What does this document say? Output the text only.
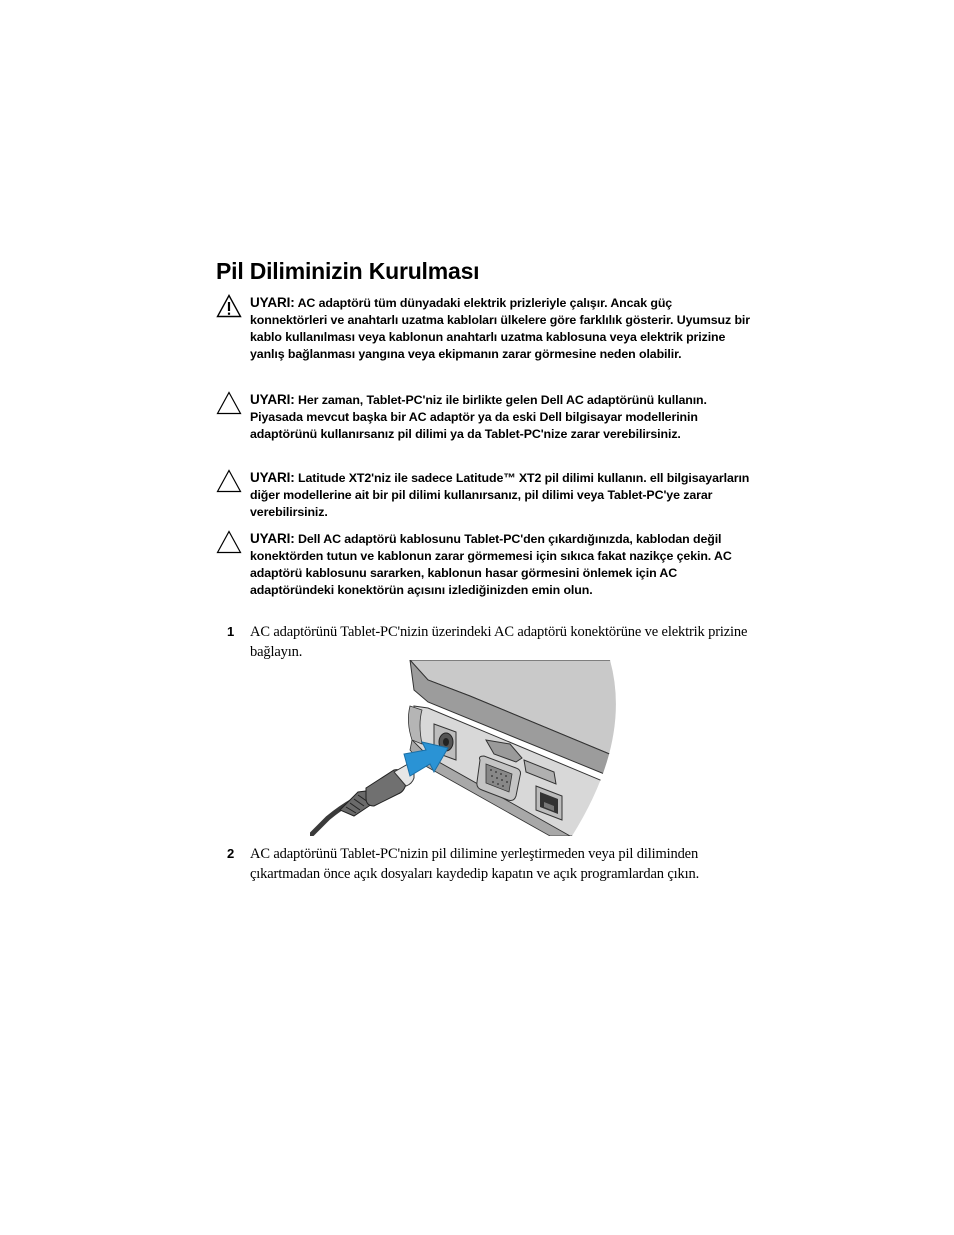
Pil Diliminizin Kurulması
UYARI: AC adaptörü tüm dünyadaki elektrik prizleriyle çalışır. Ancak güç konnektörleri ve anahtarlı uzatma kabloları ülkelere göre farklılık gösterir. Uyumsuz bir kablo kullanılması veya kablonun anahtarlı uzatma kablosuna veya elektrik prizine yanlış bağlanması yangına veya ekipmanın zarar görmesine neden olabilir.
UYARI: Her zaman, Tablet-PC'niz ile birlikte gelen Dell AC adaptörünü kullanın. Piyasada mevcut başka bir AC adaptör ya da eski Dell bilgisayar modellerinin adaptörünü kullanırsanız pil dilimi ya da Tablet-PC'nize zarar verebilirsiniz.
UYARI: Latitude XT2'niz ile sadece Latitude™ XT2 pil dilimi kullanın. ell bilgisayarların diğer modellerine ait bir pil dilimi kullanırsanız, pil dilimi veya Tablet-PC'ye zarar verebilirsiniz.
UYARI: Dell AC adaptörü kablosunu Tablet-PC'den çıkardığınızda, kablodan değil konektörden tutun ve kablonun zarar görmemesi için sıkıca fakat nazikçe çekin. AC adaptörü kablosunu sararken, kablonun hasar görmesini önlemek için AC adaptöründeki konektörün açısını izlediğinizden emin olun.
1 AC adaptörünü Tablet-PC'nizin üzerindeki AC adaptörü konektörüne ve elektrik prizine bağlayın.
2 AC adaptörünü Tablet-PC'nizin pil dilimine yerleştirmeden veya pil diliminden çıkartmadan önce açık dosyaları kaydedip kapatın ve açık programlardan çıkın.
